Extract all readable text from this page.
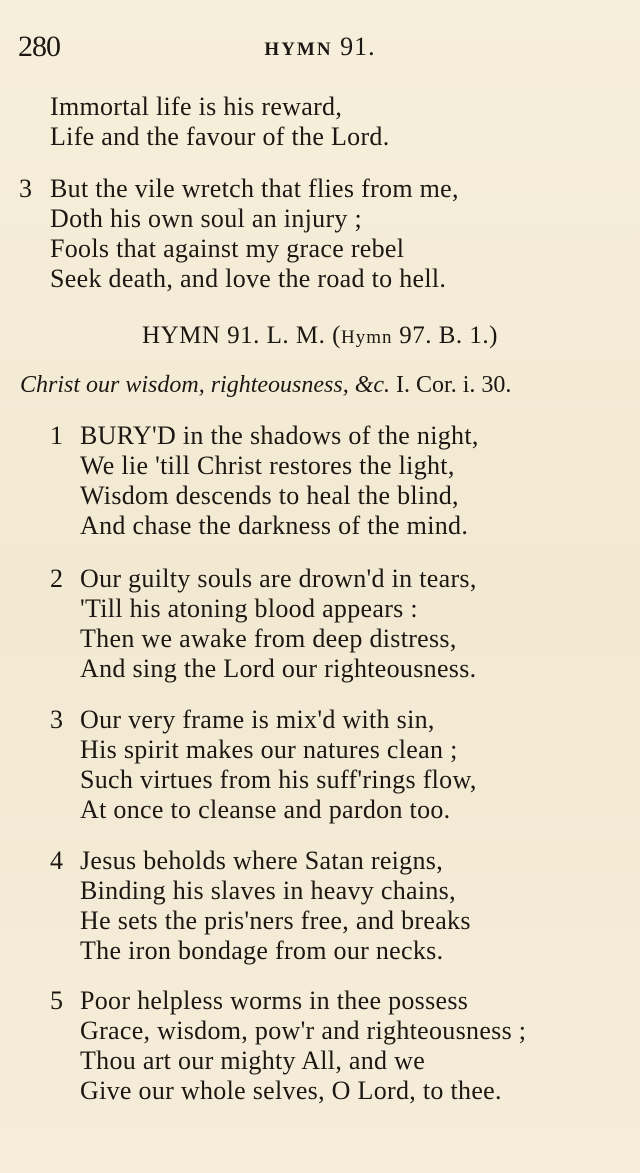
280	HYMN 91.
Immortal life is his reward,
Life and the favour of the Lord.
3 But the vile wretch that flies from me,
Doth his own soul an injury ;
Fools that against my grace rebel
Seek death, and love the road to hell.
HYMN 91. L. M. (Hymn 97. B. 1.)
Christ our wisdom, righteousness, &c. I. Cor. i. 30.
1 BURY'D in the shadows of the night,
We lie 'till Christ restores the light,
Wisdom descends to heal the blind,
And chase the darkness of the mind.
2 Our guilty souls are drown'd in tears,
'Till his atoning blood appears :
Then we awake from deep distress,
And sing the Lord our righteousness.
3 Our very frame is mix'd with sin,
His spirit makes our natures clean ;
Such virtues from his suff'rings flow,
At once to cleanse and pardon too.
4 Jesus beholds where Satan reigns,
Binding his slaves in heavy chains,
He sets the pris'ners free, and breaks
The iron bondage from our necks.
5 Poor helpless worms in thee possess
Grace, wisdom, pow'r and righteousness ;
Thou art our mighty All, and we
Give our whole selves, O Lord, to thee.
